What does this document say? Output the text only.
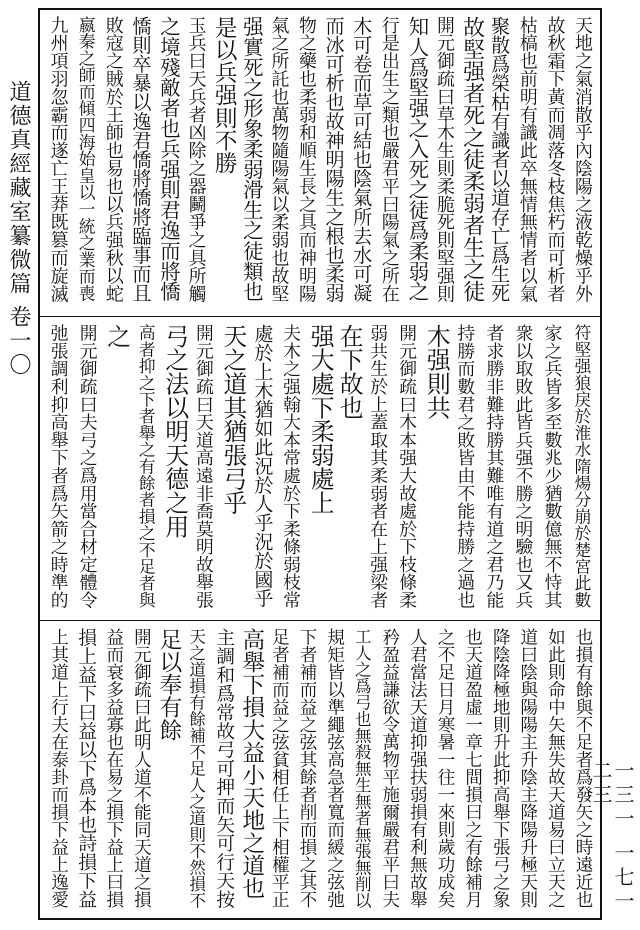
道德真經藏室纂微篇 卷一〇
一三一 一七一二三
天地之氣消散乎內陰陽之液乾燥乎外
故秋霜下黃而凋落冬枝焦朽而可析者
枯槁也前明有識此卒無情無情者以氣
聚散爲榮枯有識者以道存亡爲生死
故堅强者死之徒柔弱者生之徒
開元御疏曰草木生則柔脆死則堅强則
知人爲堅强之入死之徒爲柔弱之
行是出生之類也嚴君平曰陽氣之所在
木可卷而草可結也陰氣所去水可凝
而冰可析也故神明陽生之根也柔弱
物之藥也柔弱和順生長之具而神明陽
氣之所託也萬物隨陽氣以柔弱也故堅
强實死之形象柔弱滑生之徒類也
是以兵强則不勝
玉兵曰天兵者凶除之器鬭爭之具所觸
之境殘敵者也兵强則君逸而將憍
憍則卒暴以逸君憍將憍將臨事而且
敗寇之賊於王師也易也以兵强秋以蛇
嬴秦之師而傾四海始皇以一統之業而喪
九州項羽忽霸而遂亡王莽既篡而旋滅
符堅强狼戾於淮水隋煬分崩於楚宮此數
家之兵皆多至數兆少猶數億無不恃其
衆以取敗此皆兵强不勝之明驗也又兵
者求勝非難持勝其難唯有道之君乃能
持勝而數君之敗皆由不能持勝之過也
木强則共
開元御疏曰木本强大故處於下枝條柔
弱共生於上蓋取其柔弱者在上强梁者
在下故也
强大處下柔弱處上
夫木之强翰大本常處於下柔條弱枝常
處於上木猶如此況於人乎況於國乎
天之道其猶張弓乎
開元御疏曰天道高遠非喬莫明故舉張
弓之法以明天德之用
高者抑之下者舉之有餘者損之不足者與
之
開元御疏曰夫弓之爲用當合材定體令
弛張調利抑高舉下者爲矢箭之時準的
也損有餘與不足者爲發矢之時遠近也
如此則命中矢無失故天道易曰立天之
道曰陰與陽陽主升陰主降陽升極天則
降陰降極地則升此抑高舉下張弓之象
也天道盈虛一章七間損曰之有餘補月
之不足日月寒暑一往一來則歲功成矣
人君當法天道抑强扶弱損有利無故舉
矜盈益謙欲令萬物平施爾嚴君平曰夫
工人之爲弓也無殺無生無者無張無削以
規矩皆以準繩弦高急者寬而緩之弦弛
下者補而益之弦其餘者削而損之其不
足者補而益之弦貧相任上下相權平正
高舉下損大益小天地之道也
主調和爲常故弓可押而矢可行天按
天之道損有餘補不足人之道則不然損不
足以奉有餘
開元御疏曰此明人道不能同天道之損
益而衰多益寡也在易之損下益上曰損
損上益下曰益以下爲本也詩損下益
上其道上行夫在泰卦而損下益上逸愛
